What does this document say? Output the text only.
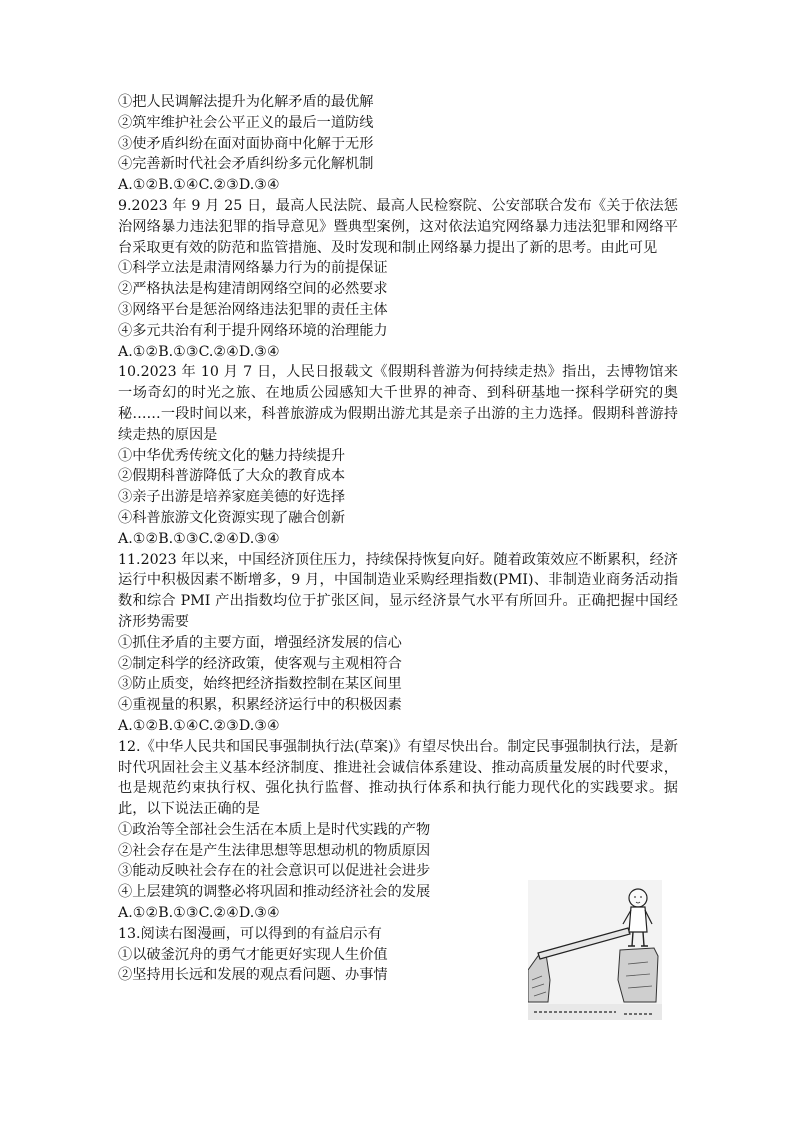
①把人民调解法提升为化解矛盾的最优解
②筑牢维护社会公平正义的最后一道防线
③使矛盾纠纷在面对面协商中化解于无形
④完善新时代社会矛盾纠纷多元化解机制
A.①②B.①④C.②③D.③④
9.2023 年 9 月 25 日，最高人民法院、最高人民检察院、公安部联合发布《关于依法惩治网络暴力违法犯罪的指导意见》暨典型案例，这对依法追究网络暴力违法犯罪和网络平台采取更有效的防范和监管措施、及时发现和制止网络暴力提出了新的思考。由此可见
①科学立法是肃清网络暴力行为的前提保证
②严格执法是构建清朗网络空间的必然要求
③网络平台是惩治网络违法犯罪的责任主体
④多元共治有利于提升网络环境的治理能力
A.①②B.①③C.②④D.③④
10.2023 年 10 月 7 日，人民日报载文《假期科普游为何持续走热》指出，去博物馆来一场奇幻的时光之旅、在地质公园感知大千世界的神奇、到科研基地一探科学研究的奥秘……一段时间以来，科普旅游成为假期出游尤其是亲子出游的主力选择。假期科普游持续走热的原因是
①中华优秀传统文化的魅力持续提升
②假期科普游降低了大众的教育成本
③亲子出游是培养家庭美德的好选择
④科普旅游文化资源实现了融合创新
A.①②B.①③C.②④D.③④
11.2023 年以来，中国经济顶住压力，持续保持恢复向好。随着政策效应不断累积，经济运行中积极因素不断增多，9 月，中国制造业采购经理指数(PMI)、非制造业商务活动指数和综合 PMI 产出指数均位于扩张区间，显示经济景气水平有所回升。正确把握中国经济形势需要
①抓住矛盾的主要方面，增强经济发展的信心
②制定科学的经济政策，使客观与主观相符合
③防止质变，始终把经济指数控制在某区间里
④重视量的积累，积累经济运行中的积极因素
A.①②B.①④C.②③D.③④
12.《中华人民共和国民事强制执行法(草案)》有望尽快出台。制定民事强制执行法，是新时代巩固社会主义基本经济制度、推进社会诚信体系建设、推动高质量发展的时代要求，也是规范约束执行权、强化执行监督、推动执行体系和执行能力现代化的实践要求。据此，以下说法正确的是
①政治等全部社会生活在本质上是时代实践的产物
②社会存在是产生法律思想等思想动机的物质原因
③能动反映社会存在的社会意识可以促进社会进步
④上层建筑的调整必将巩固和推动经济社会的发展
A.①②B.①③C.②④D.③④
13.阅读右图漫画，可以得到的有益启示有
①以破釜沉舟的勇气才能更好实现人生价值
②坚持用长远和发展的观点看问题、办事情
